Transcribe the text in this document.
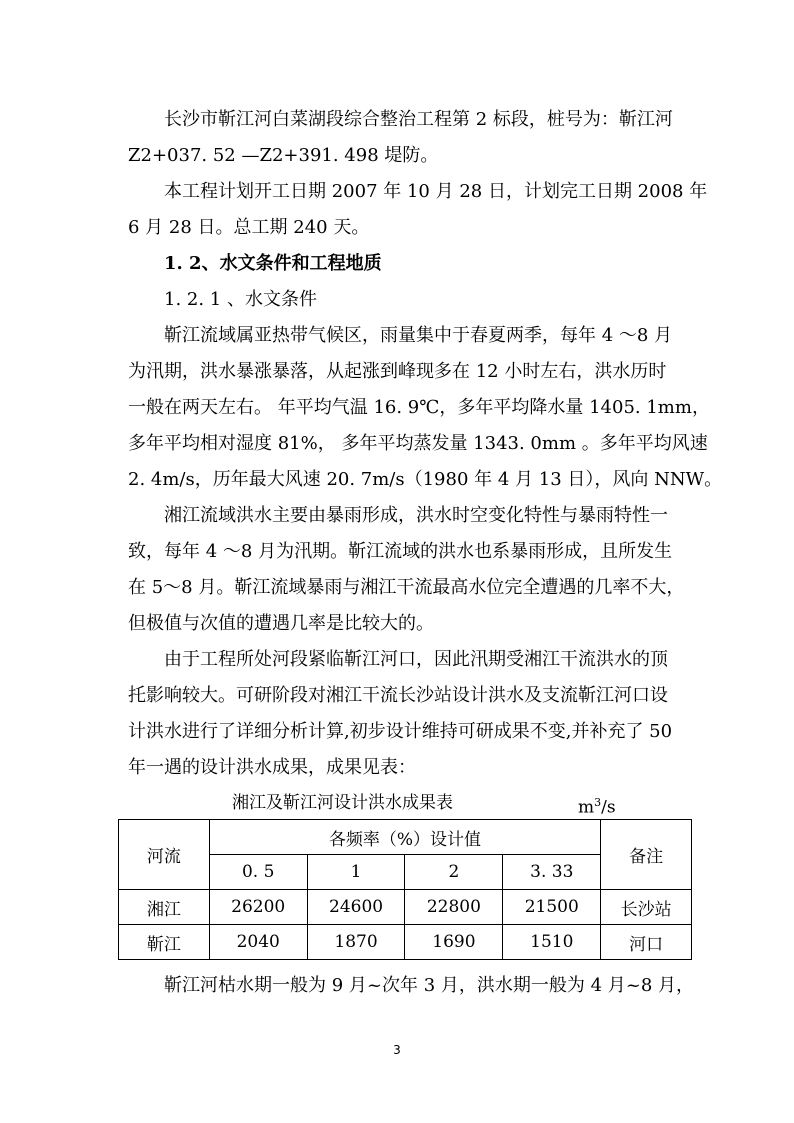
长沙市靳江河白菜湖段综合整治工程第 2 标段，桩号为：靳江河
Z2+037. 52 —Z2+391. 498 堤防。
本工程计划开工日期 2007 年 10 月 28 日，计划完工日期 2008 年
6 月 28 日。总工期 240 天。
1. 2、水文条件和工程地质
1. 2. 1 、水文条件
靳江流域属亚热带气候区，雨量集中于春夏两季，每年 4 ～8 月
为汛期，洪水暴涨暴落，从起涨到峰现多在 12 小时左右，洪水历时
一般在两天左右。 年平均气温 16. 9℃，多年平均降水量 1405. 1mm，
多年平均相对湿度 81%， 多年平均蒸发量 1343. 0mm 。多年平均风速
2. 4m/s，历年最大风速 20. 7m/s（1980 年 4 月 13 日），风向 NNW。
湘江流域洪水主要由暴雨形成，洪水时空变化特性与暴雨特性一
致，每年 4 ～8 月为汛期。靳江流域的洪水也系暴雨形成，且所发生
在 5～8 月。靳江流域暴雨与湘江干流最高水位完全遭遇的几率不大，
但极值与次值的遭遇几率是比较大的。
由于工程所处河段紧临靳江河口，因此汛期受湘江干流洪水的顶
托影响较大。可研阶段对湘江干流长沙站设计洪水及支流靳江河口设
计洪水进行了详细分析计算,初步设计维持可研成果不变,并补充了 50
年一遇的设计洪水成果，成果见表：
湘江及靳江河设计洪水成果表	$m^3/s$
河流	各频率（%）设计值				备注
	0. 5	1	2	3. 33	
湘江	26200	24600	22800	21500	长沙站
靳江	2040	1870	1690	1510	河口
靳江河枯水期一般为 9 月~次年 3 月，洪水期一般为 4 月~8 月，
3
